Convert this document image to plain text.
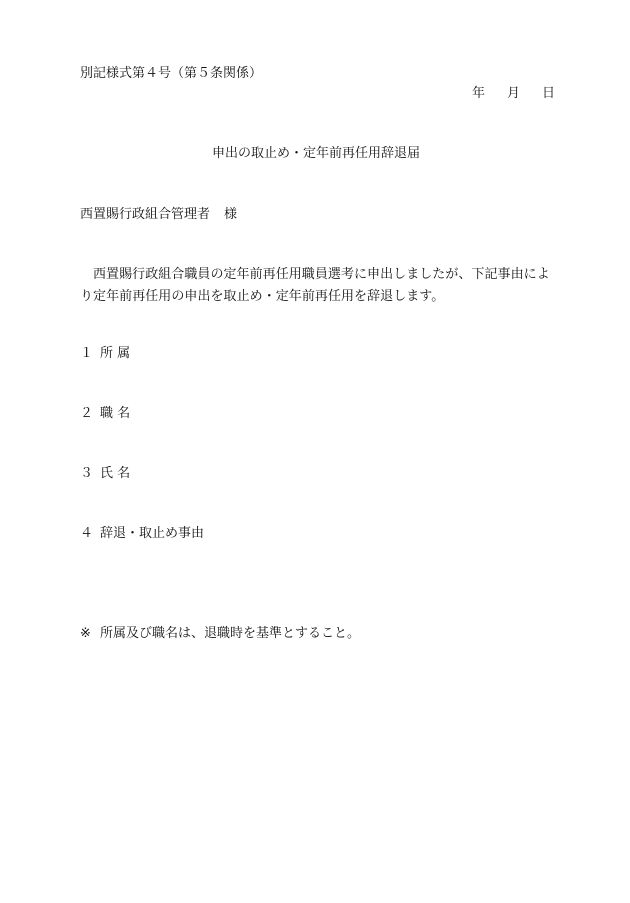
別記様式第４号（第５条関係）
年 月 日
申出の取止め・定年前再任用辞退届
西置賜行政組合管理者 様
西置賜行政組合職員の定年前再任用職員選考に申出しましたが、下記事由により定年前再任用の申出を取止め・定年前再任用を辞退します。
１ 所 属
２ 職 名
３ 氏 名
４ 辞退・取止め事由
※ 所属及び職名は、退職時を基準とすること。
